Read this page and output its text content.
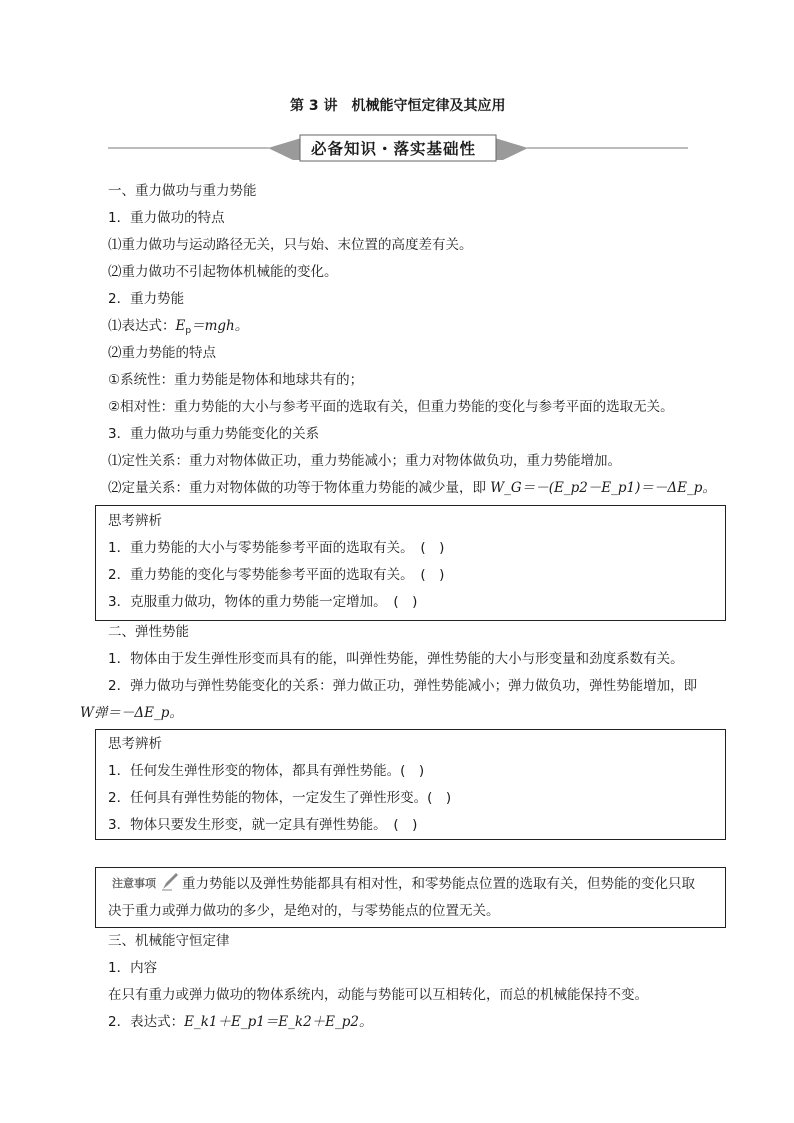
第 3 讲　机械能守恒定律及其应用
必备知识・落实基础性
一、重力做功与重力势能
1．重力做功的特点
⑴重力做功与运动路径无关，只与始、末位置的高度差有关。
⑵重力做功不引起物体机械能的变化。
2．重力势能
⑴表达式：$E_p=mgh$。
⑵重力势能的特点
①系统性：重力势能是物体和地球共有的；
②相对性：重力势能的大小与参考平面的选取有关，但重力势能的变化与参考平面的选取无关。
3．重力做功与重力势能变化的关系
⑴定性关系：重力对物体做正功，重力势能减小；重力对物体做负功，重力势能增加。
⑵定量关系：重力对物体做的功等于物体重力势能的减少量，即 W_G＝－(E_p2－E_p1)＝－ΔE_p。
思考辨析
1．重力势能的大小与零势能参考平面的选取有关。　(　)
2．重力势能的变化与零势能参考平面的选取有关。　(　)
3．克服重力做功，物体的重力势能一定增加。　(　)
二、弹性势能
1．物体由于发生弹性形变而具有的能，叫弹性势能，弹性势能的大小与形变量和劲度系数有关。
2．弹力做功与弹性势能变化的关系：弹力做正功，弹性势能减小；弹力做负功，弹性势能增加，即
W弹＝－ΔE_p。
思考辨析
1．任何发生弹性形变的物体，都具有弹性势能。(　)
2．任何具有弹性势能的物体，一定发生了弹性形变。(　)
3．物体只要发生形变，就一定具有弹性势能。　(　)
注意事项 重力势能以及弹性势能都具有相对性，和零势能点位置的选取有关，但势能的变化只取
决于重力或弹力做功的多少，是绝对的，与零势能点的位置无关。
三、机械能守恒定律
1．内容
在只有重力或弹力做功的物体系统内，动能与势能可以互相转化，而总的机械能保持不变。
2．表达式：E_k1＋E_p1＝E_k2＋E_p2。
